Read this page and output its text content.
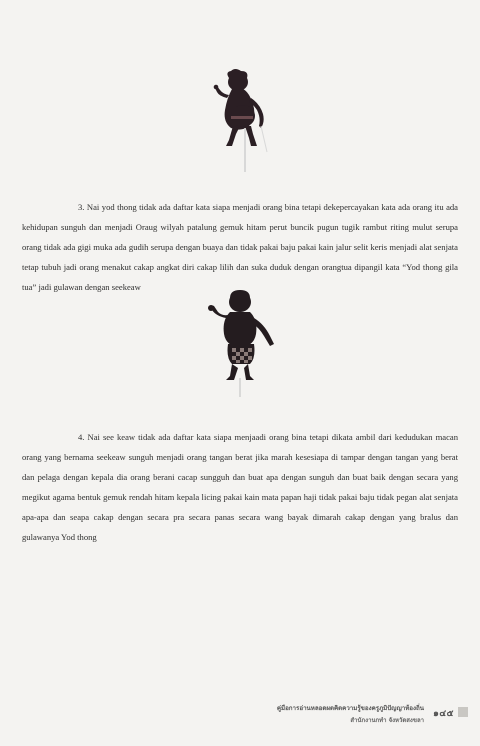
3. Nai yod thong tidak ada daftar kata siapa menjadi orang bina tetapi dekepercayakan kata ada orang itu ada kehidupan sunguh dan menjadi Oraug wilyah patalung gemuk hitam perut buncik pugun tugik rambut riting mulut serupa orang tidak ada gigi muka ada gudih serupa dengan buaya dan tidak pakai baju pakai kain jalur selit keris menjadi alat senjata tetap tubuh jadi orang menakut cakap angkat diri cakap lilih dan suka duduk dengan orangtua dipangil kata “Yod thong gila tua” jadi gulawan dengan seekeaw

4. Nai see keaw tidak ada daftar kata siapa menjaadi orang bina tetapi dikata ambil dari kedudukan macan orang yang bernama seekeaw sunguh menjadi orang tangan berat jika marah kesesiapa di tampar dengan tangan yang berat dan pelaga dengan kepala dia orang berani cacap sungguh dan buat apa dengan sunguh dan buat baik dengan secara yang megikut agama bentuk gemuk rendah hitam kepala licing pakai kain mata papan haji tidak pakai baju tidak pegan alat senjata apa-apa dan seapa cakap dengan secara pra secara panas secara wang bayak dimarah cakap dengan yang bralus dan gulawanya Yod thong

คู่มือการอ่านหลอดผดคิดความรู้ของครูภูมิปัญญาท้องถิ่น
สำนักงานกทำ จังหวัดสงขลา
๑๔๕
